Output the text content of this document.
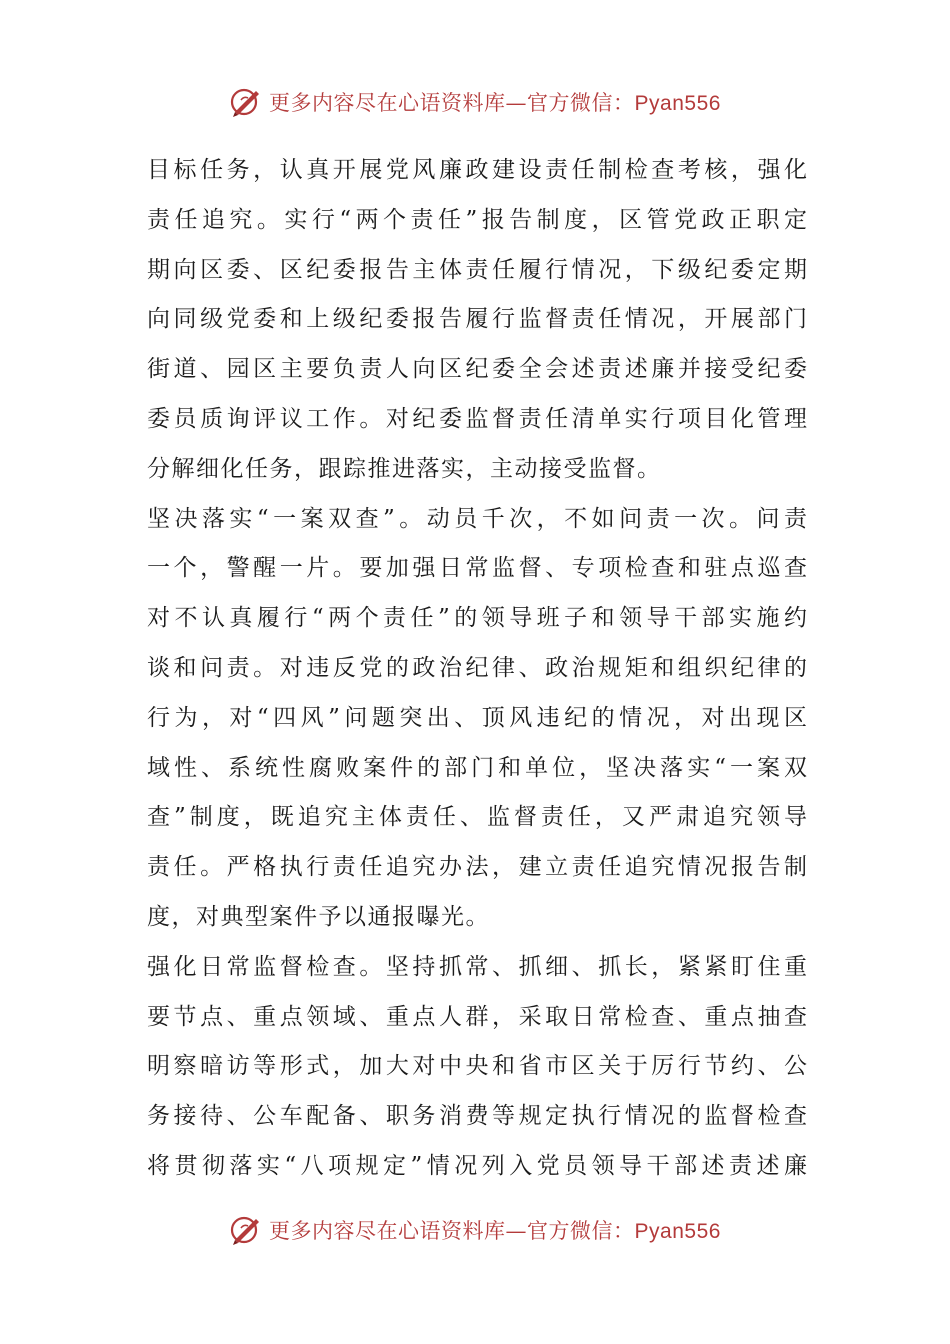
更多内容尽在心语资料库—官方微信：Pyan556
目标任务，认真开展党风廉政建设责任制检查考核，强化
责任追究。实行“两个责任”报告制度，区管党政正职定
期向区委、区纪委报告主体责任履行情况，下级纪委定期
向同级党委和上级纪委报告履行监督责任情况，开展部门
街道、园区主要负责人向区纪委全会述责述廉并接受纪委
委员质询评议工作。对纪委监督责任清单实行项目化管理
分解细化任务，跟踪推进落实，主动接受监督。
坚决落实“一案双查”。动员千次，不如问责一次。问责
一个，警醒一片。要加强日常监督、专项检查和驻点巡查
对不认真履行“两个责任”的领导班子和领导干部实施约
谈和问责。对违反党的政治纪律、政治规矩和组织纪律的
行为，对“四风”问题突出、顶风违纪的情况，对出现区
域性、系统性腐败案件的部门和单位，坚决落实“一案双
查”制度，既追究主体责任、监督责任，又严肃追究领导
责任。严格执行责任追究办法，建立责任追究情况报告制
度，对典型案件予以通报曝光。
强化日常监督检查。坚持抓常、抓细、抓长，紧紧盯住重
要节点、重点领域、重点人群，采取日常检查、重点抽查
明察暗访等形式，加大对中央和省市区关于厉行节约、公
务接待、公车配备、职务消费等规定执行情况的监督检查
将贯彻落实“八项规定”情况列入党员领导干部述责述廉
更多内容尽在心语资料库—官方微信：Pyan556
